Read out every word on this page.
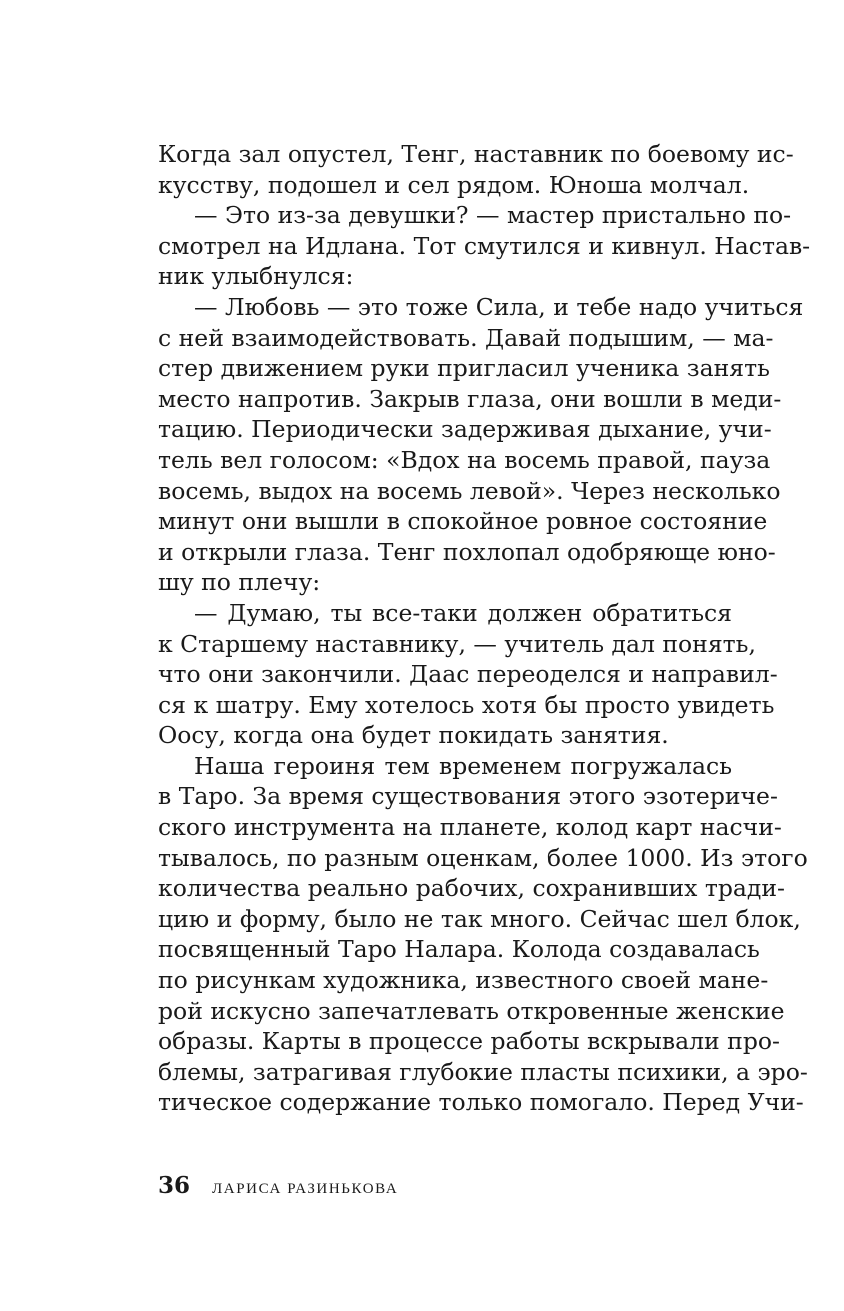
Когда зал опустел, Тенг, наставник по боевому ис-
кусству, подошел и сел рядом. Юноша молчал.
— Это из-за девушки? — мастер пристально по-
смотрел на Идлана. Тот смутился и кивнул. Настав-
ник улыбнулся:
— Любовь — это тоже Сила, и тебе надо учиться
с ней взаимодействовать. Давай подышим, — ма-
стер движением руки пригласил ученика занять
место напротив. Закрыв глаза, они вошли в меди-
тацию. Периодически задерживая дыхание, учи-
тель вел голосом: «Вдох на восемь правой, пауза
восемь, выдох на восемь левой». Через несколько
минут они вышли в спокойное ровное состояние
и открыли глаза. Тенг похлопал одобряюще юно-
шу по плечу:
— Думаю, ты все-таки должен обратиться
к Старшему наставнику, — учитель дал понять,
что они закончили. Даас переоделся и направил-
ся к шатру. Ему хотелось хотя бы просто увидеть
Оосу, когда она будет покидать занятия.
Наша героиня тем временем погружалась
в Таро. За время существования этого эзотериче-
ского инструмента на планете, колод карт насчи-
тывалось, по разным оценкам, более 1000. Из этого
количества реально рабочих, сохранивших тради-
цию и форму, было не так много. Сейчас шел блок,
посвященный Таро Налара. Колода создавалась
по рисункам художника, известного своей мане-
рой искусно запечатлевать откровенные женские
образы. Карты в процессе работы вскрывали про-
блемы, затрагивая глубокие пласты психики, а эро-
тическое содержание только помогало. Перед Учи-
36 ЛАРИСА РАЗИНЬКОВА
